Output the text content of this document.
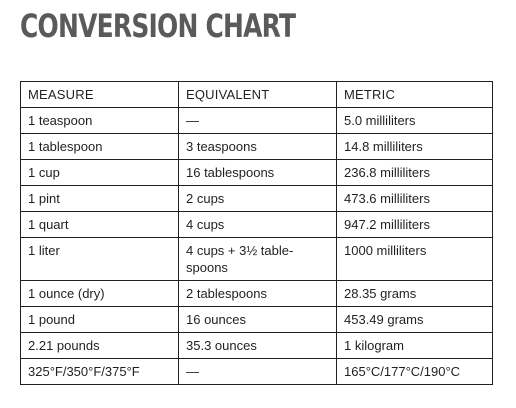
CONVERSION CHART
MEASURE	EQUIVALENT	METRIC
1 teaspoon	—	5.0 milliliters
1 tablespoon	3 teaspoons	14.8 milliliters
1 cup	16 tablespoons	236.8 milliliters
1 pint	2 cups	473.6 milliliters
1 quart	4 cups	947.2 milliliters
1 liter	4 cups + 3½ table-spoons	1000 milliliters
1 ounce (dry)	2 tablespoons	28.35 grams
1 pound	16 ounces	453.49 grams
2.21 pounds	35.3 ounces	1 kilogram
325°F/350°F/375°F	—	165°C/177°C/190°C
